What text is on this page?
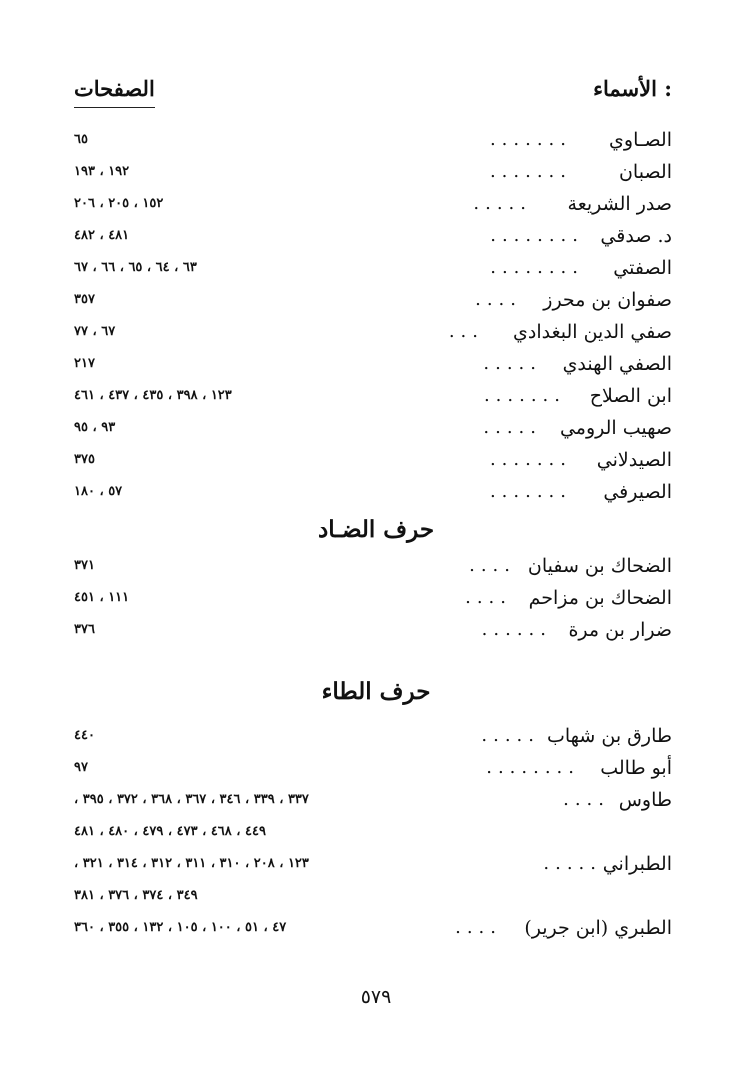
الأسماء :
الصفحات
الصـاوي
.......
٦٥
الصبان
.......
١٩٢ ، ١٩٣
صدر الشريعة
.....
١٥٢ ، ٢٠٥ ، ٢٠٦
د. صدقي
........
٤٨١ ، ٤٨٢
الصفتي
........
٦٣ ، ٦٤ ، ٦٥ ، ٦٦ ، ٦٧
صفوان بن محرز
....
٣٥٧
صفي الدين البغدادي
...
٦٧ ، ٧٧
الصفي الهندي
.....
٢١٧
ابن الصلاح
.......
١٢٣ ، ٣٩٨ ، ٤٣٥ ، ٤٣٧ ، ٤٦١
صهيب الرومي
.....
٩٣ ، ٩٥
الصيدلاني
.......
٣٧٥
الصيرفي
.......
٥٧ ، ١٨٠
حرف الضـاد
الضحاك بن سفيان
....
٣٧١
الضحاك بن مزاحم
....
١١١ ، ٤٥١
ضرار بن مرة
......
٣٧٦
حرف الطاء
طارق بن شهاب
.....
٤٤٠
أبو طالب
........
٩٧
طاوس
....
٣٣٧ ، ٣٣٩ ، ٣٤٦ ، ٣٦٧ ، ٣٦٨ ، ٣٧٢ ، ٣٩٥ ،
٤٤٩ ، ٤٦٨ ، ٤٧٣ ، ٤٧٩ ، ٤٨٠ ، ٤٨١
الطبراني
.....
١٢٣ ، ٢٠٨ ، ٣١٠ ، ٣١١ ، ٣١٢ ، ٣١٤ ، ٣٢١ ،
٣٤٩ ، ٣٧٤ ، ٣٧٦ ، ٣٨١
الطبري (ابن جرير)
....
٤٧ ، ٥١ ، ١٠٠ ، ١٠٥ ، ١٣٢ ، ٣٥٥ ، ٣٦٠
٥٧٩
